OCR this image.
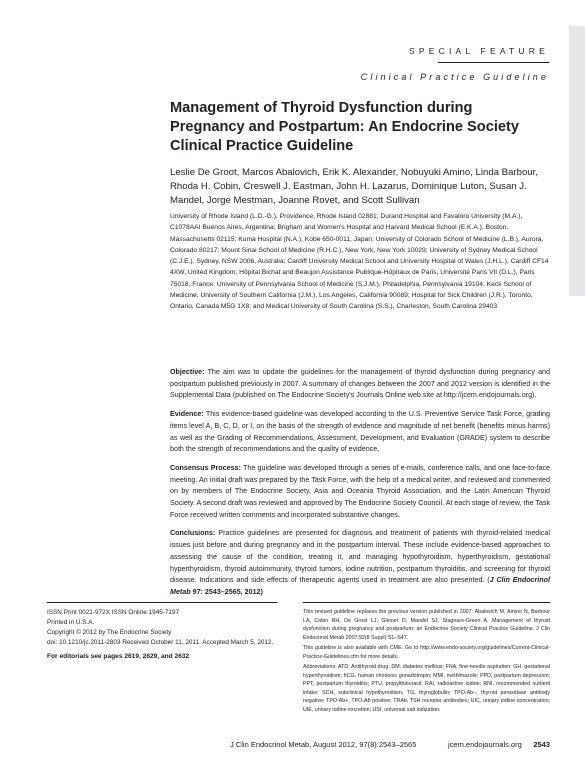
SPECIAL FEATURE
Clinical Practice Guideline
Management of Thyroid Dysfunction during Pregnancy and Postpartum: An Endocrine Society Clinical Practice Guideline
Leslie De Groot, Marcos Abalovich, Erik K. Alexander, Nobuyuki Amino, Linda Barbour, Rhoda H. Cobin, Creswell J. Eastman, John H. Lazarus, Dominique Luton, Susan J. Mandel, Jorge Mestman, Joanne Rovet, and Scott Sullivan
University of Rhode Island (L.D.-G.), Providence, Rhode Island 02881; Durand Hospital and Favaloro University (M.A.), C1078AAI Buenos Aires, Argentina; Brigham and Women's Hospital and Harvard Medical School (E.K.A.), Boston, Massachusetts 02115; Kuma Hospital (N.A.), Kobe 650-0011, Japan; University of Colorado School of Medicine (L.B.), Aurora, Colorado 80217; Mount Sinai School of Medicine (R.H.C.), New York, New York 10029; University of Sydney Medical School (C.J.E.), Sydney, NSW 2006, Australia; Cardiff University Medical School and University Hospital of Wales (J.H.L.), Cardiff CF14 4XW, United Kingdom; Hôpital Bichat and Beaujon Assistance Publique-Hôpitaux de Paris, Université Paris VII (D.L.), Paris 75018, France; University of Pennsylvania School of Medicine (S.J.M.), Philadelphia, Pennsylvania 19104; Keck School of Medicine, University of Southern California (J.M.), Los Angeles, California 90089; Hospital for Sick Children (J.R.), Toronto, Ontario, Canada M5G 1X8; and Medical University of South Carolina (S.S.), Charleston, South Carolina 29403

Objective: The aim was to update the guidelines for the management of thyroid dysfunction during pregnancy and postpartum published previously in 2007. A summary of changes between the 2007 and 2012 version is identified in the Supplemental Data (published on The Endocrine Society's Journals Online web site at http://jcem.endojournals.org).

Evidence: This evidence-based guideline was developed according to the U.S. Preventive Service Task Force, grading items level A, B, C, D, or I, on the basis of the strength of evidence and magnitude of net benefit (benefits minus harms) as well as the Grading of Recommendations, Assessment, Development, and Evaluation (GRADE) system to describe both the strength of recommendations and the quality of evidence.

Consensus Process: The guideline was developed through a series of e-mails, conference calls, and one face-to-face meeting. An initial draft was prepared by the Task Force, with the help of a medical writer, and reviewed and commented on by members of The Endocrine Society, Asia and Oceania Thyroid Association, and the Latin American Thyroid Society. A second draft was reviewed and approved by The Endocrine Society Council. At each stage of review, the Task Force received written comments and incorporated substantive changes.

Conclusions: Practice guidelines are presented for diagnosis and treatment of patients with thyroid-related medical issues just before and during pregnancy and in the postpartum interval. These include evidence-based approaches to assessing the cause of the condition, treating it, and managing hypothyroidism, hyperthyroidism, gestational hyperthyroidism, thyroid autoimmunity, thyroid tumors, iodine nutrition, postpartum thyroiditis, and screening for thyroid disease. Indications and side effects of therapeutic agents used in treatment are also presented. (J Clin Endocrinol Metab 97: 2543–2565, 2012)

ISSN Print 0021-972X ISSN Online 1945-7197
Printed in U.S.A.
Copyright © 2012 by The Endocrine Society
doi: 10.1210/jc.2011-2803 Received October 11, 2011. Accepted March 5, 2012.
For editorials see pages 2619, 2629, and 2632

This revised guideline replaces the previous version published in 2007: Abalovich M, Amino N, Barbour LA, Cobin RH, De Groot LJ, Glinoer D, Mandel SJ, Stagnaro-Green A. Management of thyroid dysfunction during pregnancy and postpartum: an Endocrine Society Clinical Practice Guideline. J Clin Endocrinol Metab 2007;92(8 Suppl):S1–S47.

This guideline is also available with CME. Go to http://www.endo-society.org/guidelines/Current-Clinical-Practice-Guidelines.cfm for more details.

Abbreviations: ATD, Antithyroid drug; DM, diabetes mellitus; FNA, fine-needle aspiration; GH, gestational hyperthyroidism; hCG, human chorionic gonadotropin; MMI, methimazole; PPD, postpartum depression; PPT, postpartum thyroiditis; PTU, propylthiouracil; RAI, radioactive iodine; RNI, recommended nutrient intake; SCH, subclinical hypothyroidism; TG, thyroglobulin; TPO-Ab−, thyroid peroxidase antibody negative; TPO-Ab+, TPO-Ab positive; TRAb, TSH receptor antibodies; UIC, urinary iodine concentration; UIE, urinary iodine excretion; USI, universal salt iodization.

J Clin Endocrinol Metab, August 2012, 97(8):2543–2565	jcem.endojournals.org 2543
